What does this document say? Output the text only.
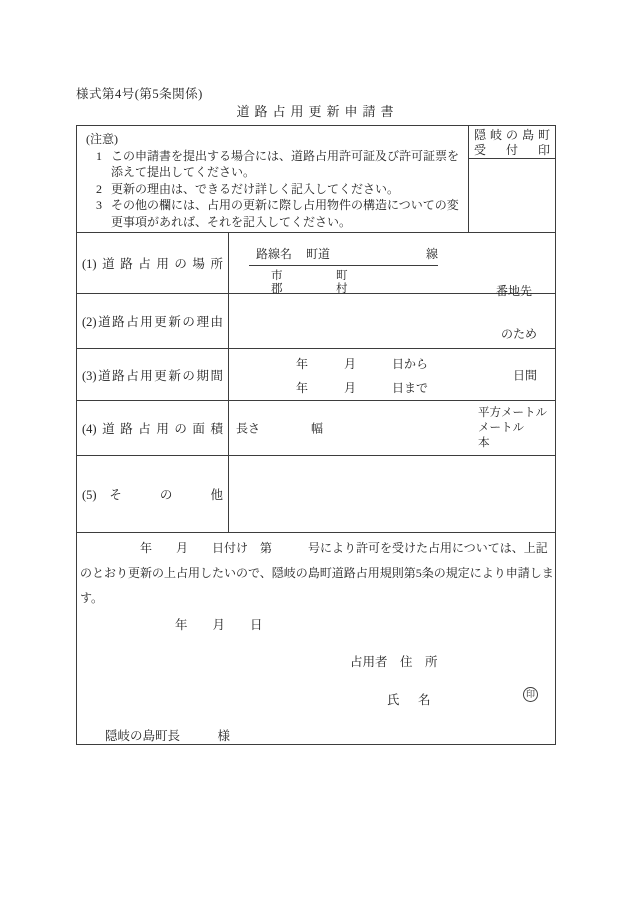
様式第4号(第5条関係)
道路占用更新申請書
(注意)
1 この申請書を提出する場合には、道路占用許可証及び許可証票を添えて提出してください。
2 更新の理由は、できるだけ詳しく記入してください。
3 その他の欄には、占用の更新に際し占用物件の構造についての変更事項があれば、それを記入してください。
隠岐の島町
受　付　印
(1)道路占用の場所
路線名 町道	線
市	町
郡	村	番地先
(2)道路占用更新の理由
のため
(3)道路占用更新の期間
年　　　月　　　日から
年　　　月　　　日まで
日間
(4)道路占用の面積 長さ	幅
平方メートル
メートル
本
(5)そ　の　他
　　　　　年　　月　　日付け　第　　　号により許可を受けた占用については、上記
のとおり更新の上占用したいので、隠岐の島町道路占用規則第5条の規定により申請しま
す。
年　　月　　日
占用者　住　所
氏　名	印
隠岐の島町長　　　様
